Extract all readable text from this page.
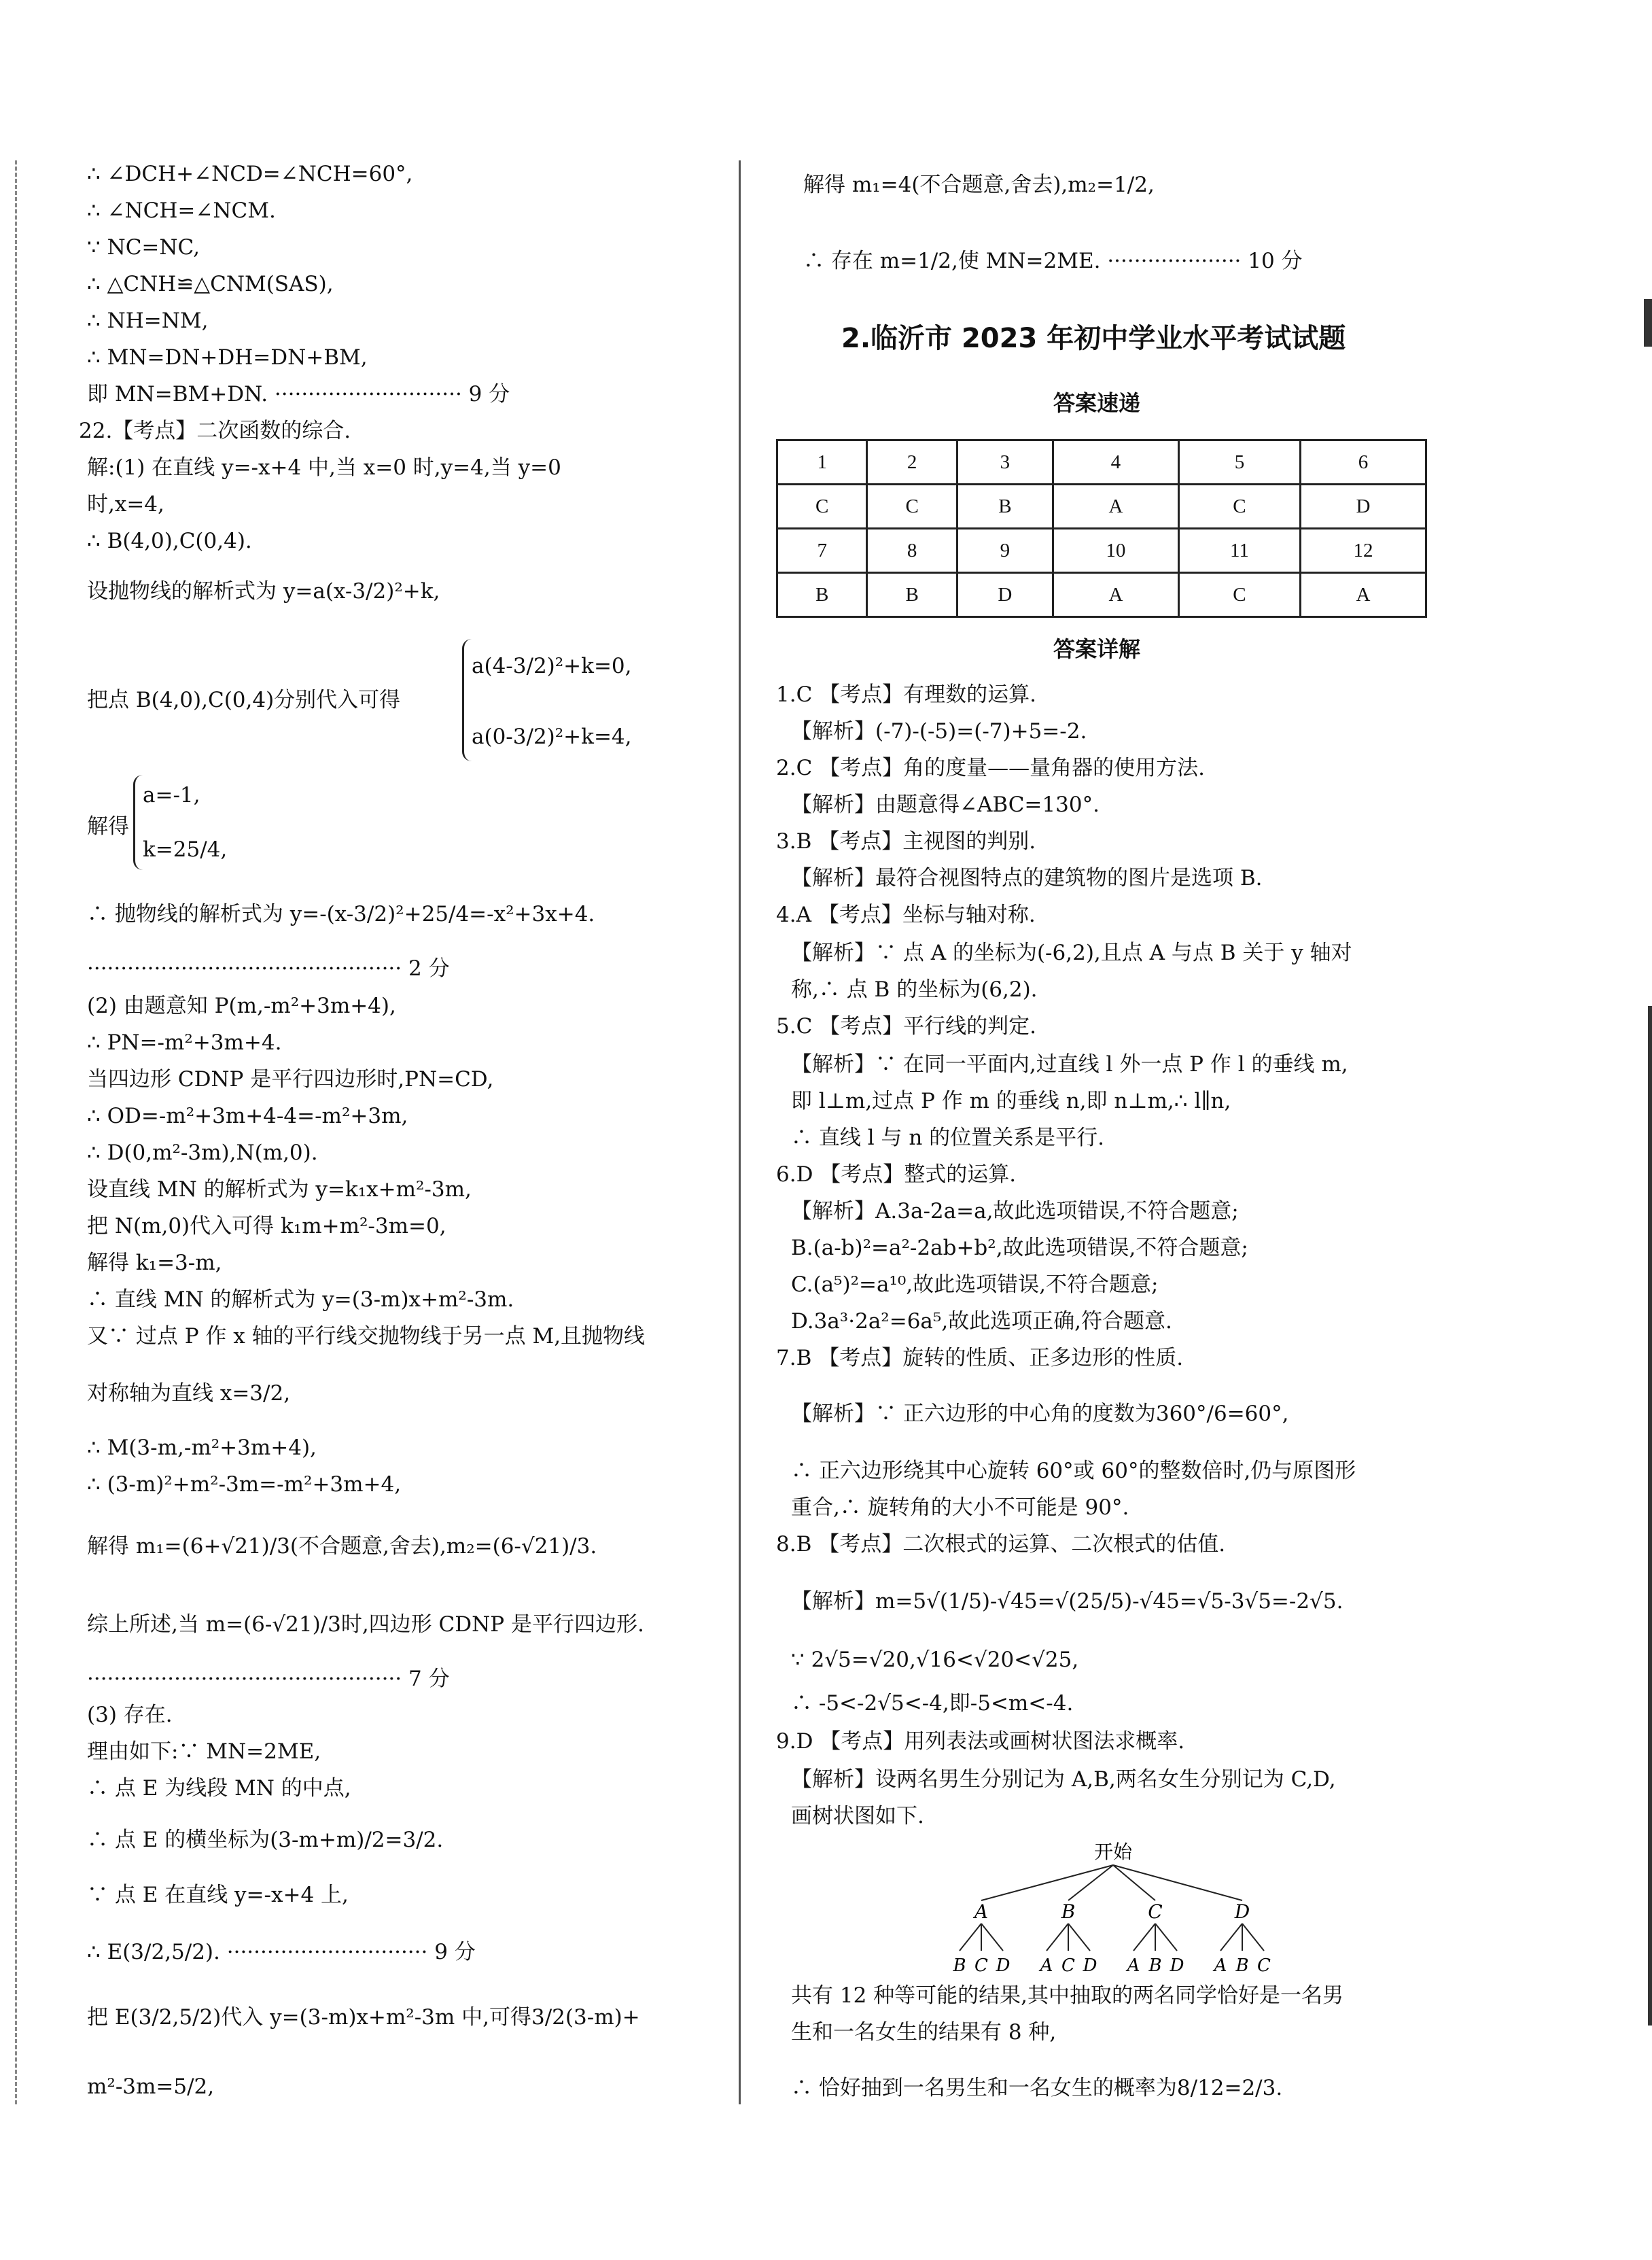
∴ ∠DCH+∠NCD=∠NCH=60°,
∴ ∠NCH=∠NCM.
∵ NC=NC,
∴ △CNH≌△CNM(SAS),
∴ NH=NM,
∴ MN=DN+DH=DN+BM,
即 MN=BM+DN. ···························· 9 分
22.【考点】二次函数的综合.
解:(1) 在直线 y=-x+4 中,当 x=0 时,y=4,当 y=0
时,x=4,
∴ B(4,0),C(0,4).
设抛物线的解析式为 y=a(x-3/2)²+k,
把点 B(4,0),C(0,4)分别代入可得
a(4-3/2)²+k=0,
a(0-3/2)²+k=4,
解得
a=-1,
k=25/4,
∴ 抛物线的解析式为 y=-(x-3/2)²+25/4=-x²+3x+4.
··············································· 2 分
(2) 由题意知 P(m,-m²+3m+4),
∴ PN=-m²+3m+4.
当四边形 CDNP 是平行四边形时,PN=CD,
∴ OD=-m²+3m+4-4=-m²+3m,
∴ D(0,m²-3m),N(m,0).
设直线 MN 的解析式为 y=k₁x+m²-3m,
把 N(m,0)代入可得 k₁m+m²-3m=0,
解得 k₁=3-m,
∴ 直线 MN 的解析式为 y=(3-m)x+m²-3m.
又∵ 过点 P 作 x 轴的平行线交抛物线于另一点 M,且抛物线
对称轴为直线 x=3/2,
∴ M(3-m,-m²+3m+4),
∴ (3-m)²+m²-3m=-m²+3m+4,
解得 m₁=(6+√21)/3(不合题意,舍去),m₂=(6-√21)/3.
综上所述,当 m=(6-√21)/3时,四边形 CDNP 是平行四边形.
··············································· 7 分
(3) 存在.
理由如下:∵ MN=2ME,
∴ 点 E 为线段 MN 的中点,
∴ 点 E 的横坐标为(3-m+m)/2=3/2.
∵ 点 E 在直线 y=-x+4 上,
∴ E(3/2,5/2). ······························ 9 分
把 E(3/2,5/2)代入 y=(3-m)x+m²-3m 中,可得3/2(3-m)+
m²-3m=5/2,
解得 m₁=4(不合题意,舍去),m₂=1/2,
∴ 存在 m=1/2,使 MN=2ME. ···················· 10 分
2.临沂市 2023 年初中学业水平考试试题
答案速递
1	2	3	4	5	6
C	C	B	A	C	D
7	8	9	10	11	12
B	B	D	A	C	A
答案详解
1.C 【考点】有理数的运算.
【解析】(-7)-(-5)=(-7)+5=-2.
2.C 【考点】角的度量——量角器的使用方法.
【解析】由题意得∠ABC=130°.
3.B 【考点】主视图的判别.
【解析】最符合视图特点的建筑物的图片是选项 B.
4.A 【考点】坐标与轴对称.
【解析】∵ 点 A 的坐标为(-6,2),且点 A 与点 B 关于 y 轴对
称,∴ 点 B 的坐标为(6,2).
5.C 【考点】平行线的判定.
【解析】∵ 在同一平面内,过直线 l 外一点 P 作 l 的垂线 m,
即 l⊥m,过点 P 作 m 的垂线 n,即 n⊥m,∴ l∥n,
∴ 直线 l 与 n 的位置关系是平行.
6.D 【考点】整式的运算.
【解析】A.3a-2a=a,故此选项错误,不符合题意;
B.(a-b)²=a²-2ab+b²,故此选项错误,不符合题意;
C.(a⁵)²=a¹⁰,故此选项错误,不符合题意;
D.3a³·2a²=6a⁵,故此选项正确,符合题意.
7.B 【考点】旋转的性质、正多边形的性质.
【解析】∵ 正六边形的中心角的度数为360°/6=60°,
∴ 正六边形绕其中心旋转 60°或 60°的整数倍时,仍与原图形
重合,∴ 旋转角的大小不可能是 90°.
8.B 【考点】二次根式的运算、二次根式的估值.
【解析】m=5√(1/5)-√45=√(25/5)-√45=√5-3√5=-2√5.
∵ 2√5=√20,√16<√20<√25,
∴ -5<-2√5<-4,即-5<m<-4.
9.D 【考点】用列表法或画树状图法求概率.
【解析】设两名男生分别记为 A,B,两名女生分别记为 C,D,
画树状图如下.
开始
A	B	C	D
B C D A C D A B D A B C
共有 12 种等可能的结果,其中抽取的两名同学恰好是一名男
生和一名女生的结果有 8 种,
∴ 恰好抽到一名男生和一名女生的概率为8/12=2/3.
